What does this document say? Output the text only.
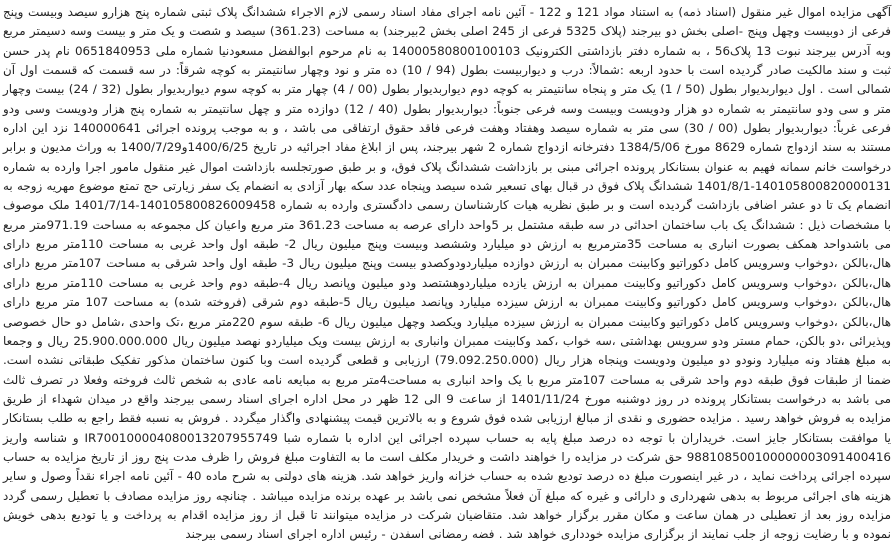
آگهی مزایده اموال غیر منقول (اسناد ذمه) به استناد مواد 121 و 122 - آئین نامه اجرای مفاد اسناد رسمی لازم الاجراء ششدانگ پلاک ثبتی شماره پنج هزارو سیصد وبیست وپنج فرعی از دوبیست وچهل وپنج -اصلی بخش دو بیرجند (پلاک 5325 فرعی از 245 اصلی بخش 2بیرجند) به مساحت (361.23) سیصد و شصت و یک متر و بیست وسه دسیمتر مربع وبه آدرس بیرجند نبوت 13 پلاک56 ، به شماره دفتر بازداشتی الکترونیک 14000580800100103 به نام مرحوم ابوالفضل مسعودنیا شماره ملی 0651840953 نام پدر حسن ثبت و سند مالکیت صادر گردیده است با حدود اربعه :شمالاً: درب و دیواربیست بطول (94 / 10) ده متر و نود وچهار سانتیمتر به کوچه شرقاً: در سه قسمت که قسمت اول آن شمالی است . اول دیواربدیوار بطول (50 / 1) یک متر و پنجاه سانتیمتر به کوچه دوم دیواربدیوار بطول (00 / 4) چهار متر به کوچه سوم دیواربدیوار بطول (32 / 24) بیست وچهار متر و سی ودو سانتیمتر به شماره دو هزار ودویست وبیست وسه فرعی جنوباً: دیواربدیوار بطول (40 / 12) دوازده متر و چهل سانتیمتر به شماره پنج هزار ودویست وسی ودو فرعی غرباً: دیواربدیوار بطول (00 / 30) سی متر به شماره سیصد وهفتاد وهفت فرعی فاقد حقوق ارتفاقی می باشد ، و به موجب پرونده اجرائی 140000641 نزد این اداره مستند به سند ازدواج شماره 8629 مورخ 1384/5/06 دفترخانه ازدواج شماره 2 شهر بیرجند، پس از ابلاغ مفاد اجرائیه در تاریخ 1400/6/25و1400/7/29 به وراث مدیون و برابر درخواست خانم سمانه فهیم به عنوان بستانکار پرونده اجرائی مبنی بر بازداشت ششدانگ پلاک فوق، و بر طبق صورتجلسه بازداشت اموال غیر منقول مامور اجرا وارده به شماره 140105800820000131-1401/8/1 ششدانگ پلاک فوق در قبال بهای تسعیر شده سیصد وپنجاه عدد سکه بهار آزادی به انضمام یک سفر زیارتی حج تمتع موضوع مهریه زوجه به انضمام یک تا دو عشر اضافی بازداشت گردیده است و بر طبق نظریه هیات کارشناسان رسمی دادگستری وارده به شماره 140105800826009458-1401/7/14 ملک موصوف با مشخصات ذیل : ششدانگ یک باب ساختمان احداثی در سه طبقه مشتمل بر 5واحد دارای عرصه به مساحت 361.23 متر مربع واعیان کل مجموعه به مساحت 971.19متر مربع می باشدواحد همکف بصورت انباری به مساحت 35مترمربع به ارزش دو میلیارد وششصد وبیست وپنج میلیون ریال 2- طبقه اول واحد غربی به مساحت 110متر مربع دارای هال،بالکن ،دوخواب وسرویس کامل دکوراتیو وکابینت ممبران به ارزش دوازده میلیاردودوکصدو بیست وپنج میلیون ریال 3- طبقه اول واحد شرقی به مساحت 107متر مربع دارای هال،بالکن ،دوخواب وسرویس کامل دکوراتیو وکابینت ممبران به ارزش یازده میلیاردوهشتصد ودو میلیون وپانصد ریال 4-طبقه دوم واحد غربی به مساحت 110متر مربع دارای هال،بالکن ،دوخواب وسرویس کامل دکوراتیو وکابینت ممبران به ارزش سیزده میلیارد وپانصد میلیون ریال 5-طبقه دوم شرقی (فروخته شده) به مساحت 107 متر مربع دارای هال،بالکن ،دوخواب وسرویس کامل دکوراتیو وکابینت ممبران به ارزش سیزده میلیارد ویکصد وچهل میلیون ریال 6- طبقه سوم 220متر مربع ،تک واحدی ،شامل دو حال خصوصی وپذیرائی ،دو بالکن، حمام مستر ودو سرویس بهداشتی ،سه خواب ،کمد وکابینت ممبران وانباری به ارزش بیست ویک میلیاردو نهصد میلیون ریال 25.900.000.000 ریال و وجمعا به مبلغ هفتاد ونه میلیارد ونودو دو میلیون ودویست وپنجاه هزار ریال (79.092.250.000) ارزیابی و قطعی گردیده است وبا کنون ساختمان مذکور تفکیک طبقاتی نشده است. ضمنا از طبقات فوق طبقه دوم واحد شرقی به مساحت 107متر مربع با یک واحد انباری به مساحت4متر مربع به مبایعه نامه عادی به شخص ثالث فروخته وفعلا در تصرف ثالث می باشد به درخواست بستانکار پرونده در روز دوشنبه مورخ 1401/11/24 از ساعت 9 الی 12 ظهر در محل اداره اجرای اسناد رسمی بیرجند واقع در میدان شهداء از طریق مزایده به فروش خواهد رسید . مزایده حضوری و نقدی از مبالغ ارزیابی شده فوق شروع و به بالاترین قیمت پیشنهادی واگذار میگردد . فروش به نسبه فقط راجع به طلب بستانکار یا موافقت بستانکار جایز است. خریداران با توجه ده درصد مبلغ پایه به حساب سپرده اجرائی این اداره با شماره شبا IR700100004080013207955749 و شناسه واریز 988108500100000003091400416 حق شرکت در مزایده را خواهند داشت و خریدار مکلف است ما به التفاوت مبلغ فروش را ظرف مدت پنج روز از تاریخ مزایده به حساب سپرده اجرائی پرداخت نماید ، در غیر اینصورت مبلغ ده درصد تودیع شده به حساب خزانه واریز خواهد شد. هزینه های دولتی به شرح ماده 40 - آئین نامه اجراء نقداً وصول و سایر هزینه های اجرائی مربوط به بدهی شهرداری و دارائی و غیره که مبلغ آن فعلاً مشخص نمی باشد بر عهده برنده مزایده میباشد . چنانچه روز مزایده مصادف با تعطیل رسمی گردد مزایده روز بعد از تعطیلی در همان ساعت و مکان مقرر برگزار خواهد شد. متقاضیان شرکت در مزایده میتوانند تا قبل از روز مزایده اقدام به پرداخت و یا تودیع بدهی خویش نموده و با رضایت زوجه از جلب نمایند از برگزاری مزایده خودداری خواهد شد . فضه رمضانی اسفدن - رئیس اداره اجرای اسناد رسمی بیرجند
